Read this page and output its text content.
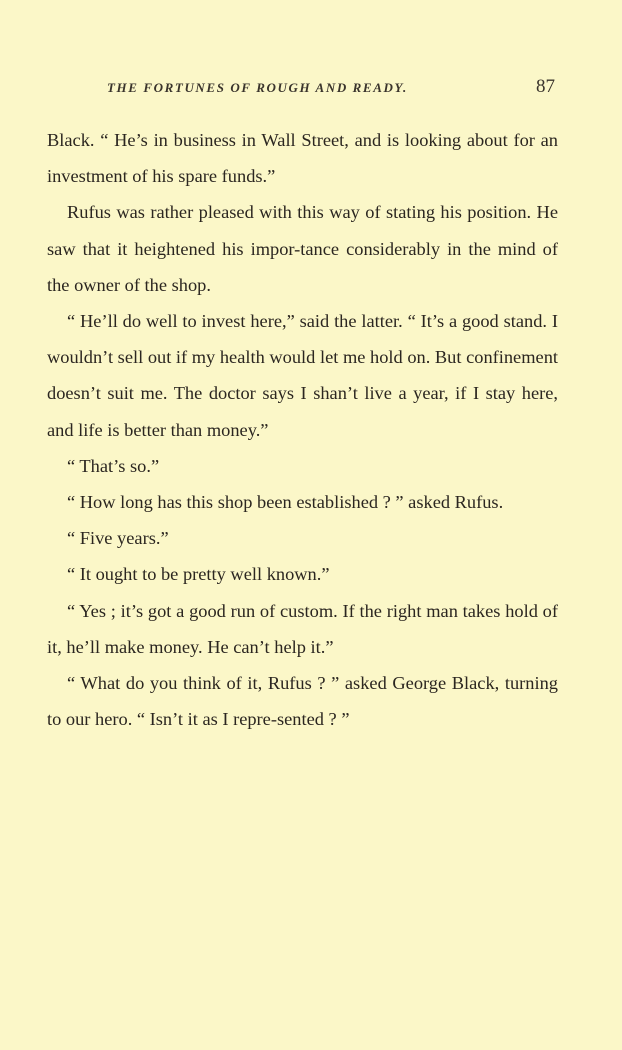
THE FORTUNES OF ROUGH AND READY.	87

Black. “ He’s in business in Wall Street, and is looking about for an investment of his spare funds.”

Rufus was rather pleased with this way of stating his position. He saw that it heightened his impor-tance considerably in the mind of the owner of the shop.

“ He’ll do well to invest here,” said the latter. “ It’s a good stand. I wouldn’t sell out if my health would let me hold on. But confinement doesn’t suit me. The doctor says I shan’t live a year, if I stay here, and life is better than money.”

“ That’s so.”

“ How long has this shop been established ? ” asked Rufus.

“ Five years.”

“ It ought to be pretty well known.”

“ Yes ; it’s got a good run of custom. If the right man takes hold of it, he’ll make money. He can’t help it.”

“ What do you think of it, Rufus ? ” asked George Black, turning to our hero. “ Isn’t it as I repre-sented ? ”
